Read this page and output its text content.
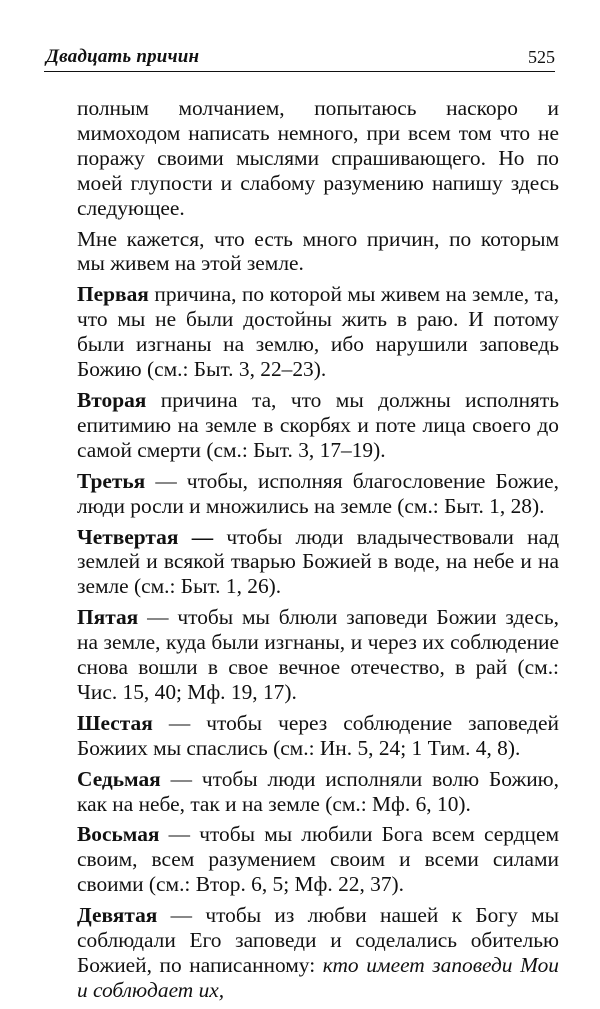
Двадцать причин	525

полным молчанием, попытаюсь наскоро и мимоходом написать немного, при всем том что не поражу своими мыслями спрашивающего. Но по моей глупости и слабому разумению напишу здесь следующее.

Мне кажется, что есть много причин, по которым мы живем на этой земле.

Первая причина, по которой мы живем на земле, та, что мы не были достойны жить в раю. И потому были изгнаны на землю, ибо нарушили заповедь Божию (см.: Быт. 3, 22–23).

Вторая причина та, что мы должны исполнять епитимию на земле в скорбях и поте лица своего до самой смерти (см.: Быт. 3, 17–19).

Третья — чтобы, исполняя благословение Божие, люди росли и множились на земле (см.: Быт. 1, 28).

Четвертая — чтобы люди владычествовали над землей и всякой тварью Божией в воде, на небе и на земле (см.: Быт. 1, 26).

Пятая — чтобы мы блюли заповеди Божии здесь, на земле, куда были изгнаны, и через их соблюдение снова вошли в свое вечное отечество, в рай (см.: Чис. 15, 40; Мф. 19, 17).

Шестая — чтобы через соблюдение заповедей Божиих мы спаслись (см.: Ин. 5, 24; 1 Тим. 4, 8).

Седьмая — чтобы люди исполняли волю Божию, как на небе, так и на земле (см.: Мф. 6, 10).

Восьмая — чтобы мы любили Бога всем сердцем своим, всем разумением своим и всеми силами своими (см.: Втор. 6, 5; Мф. 22, 37).

Девятая — чтобы из любви нашей к Богу мы соблюдали Его заповеди и соделались обителью Божией, по написанному: кто имеет заповеди Мои и соблюдает их,
